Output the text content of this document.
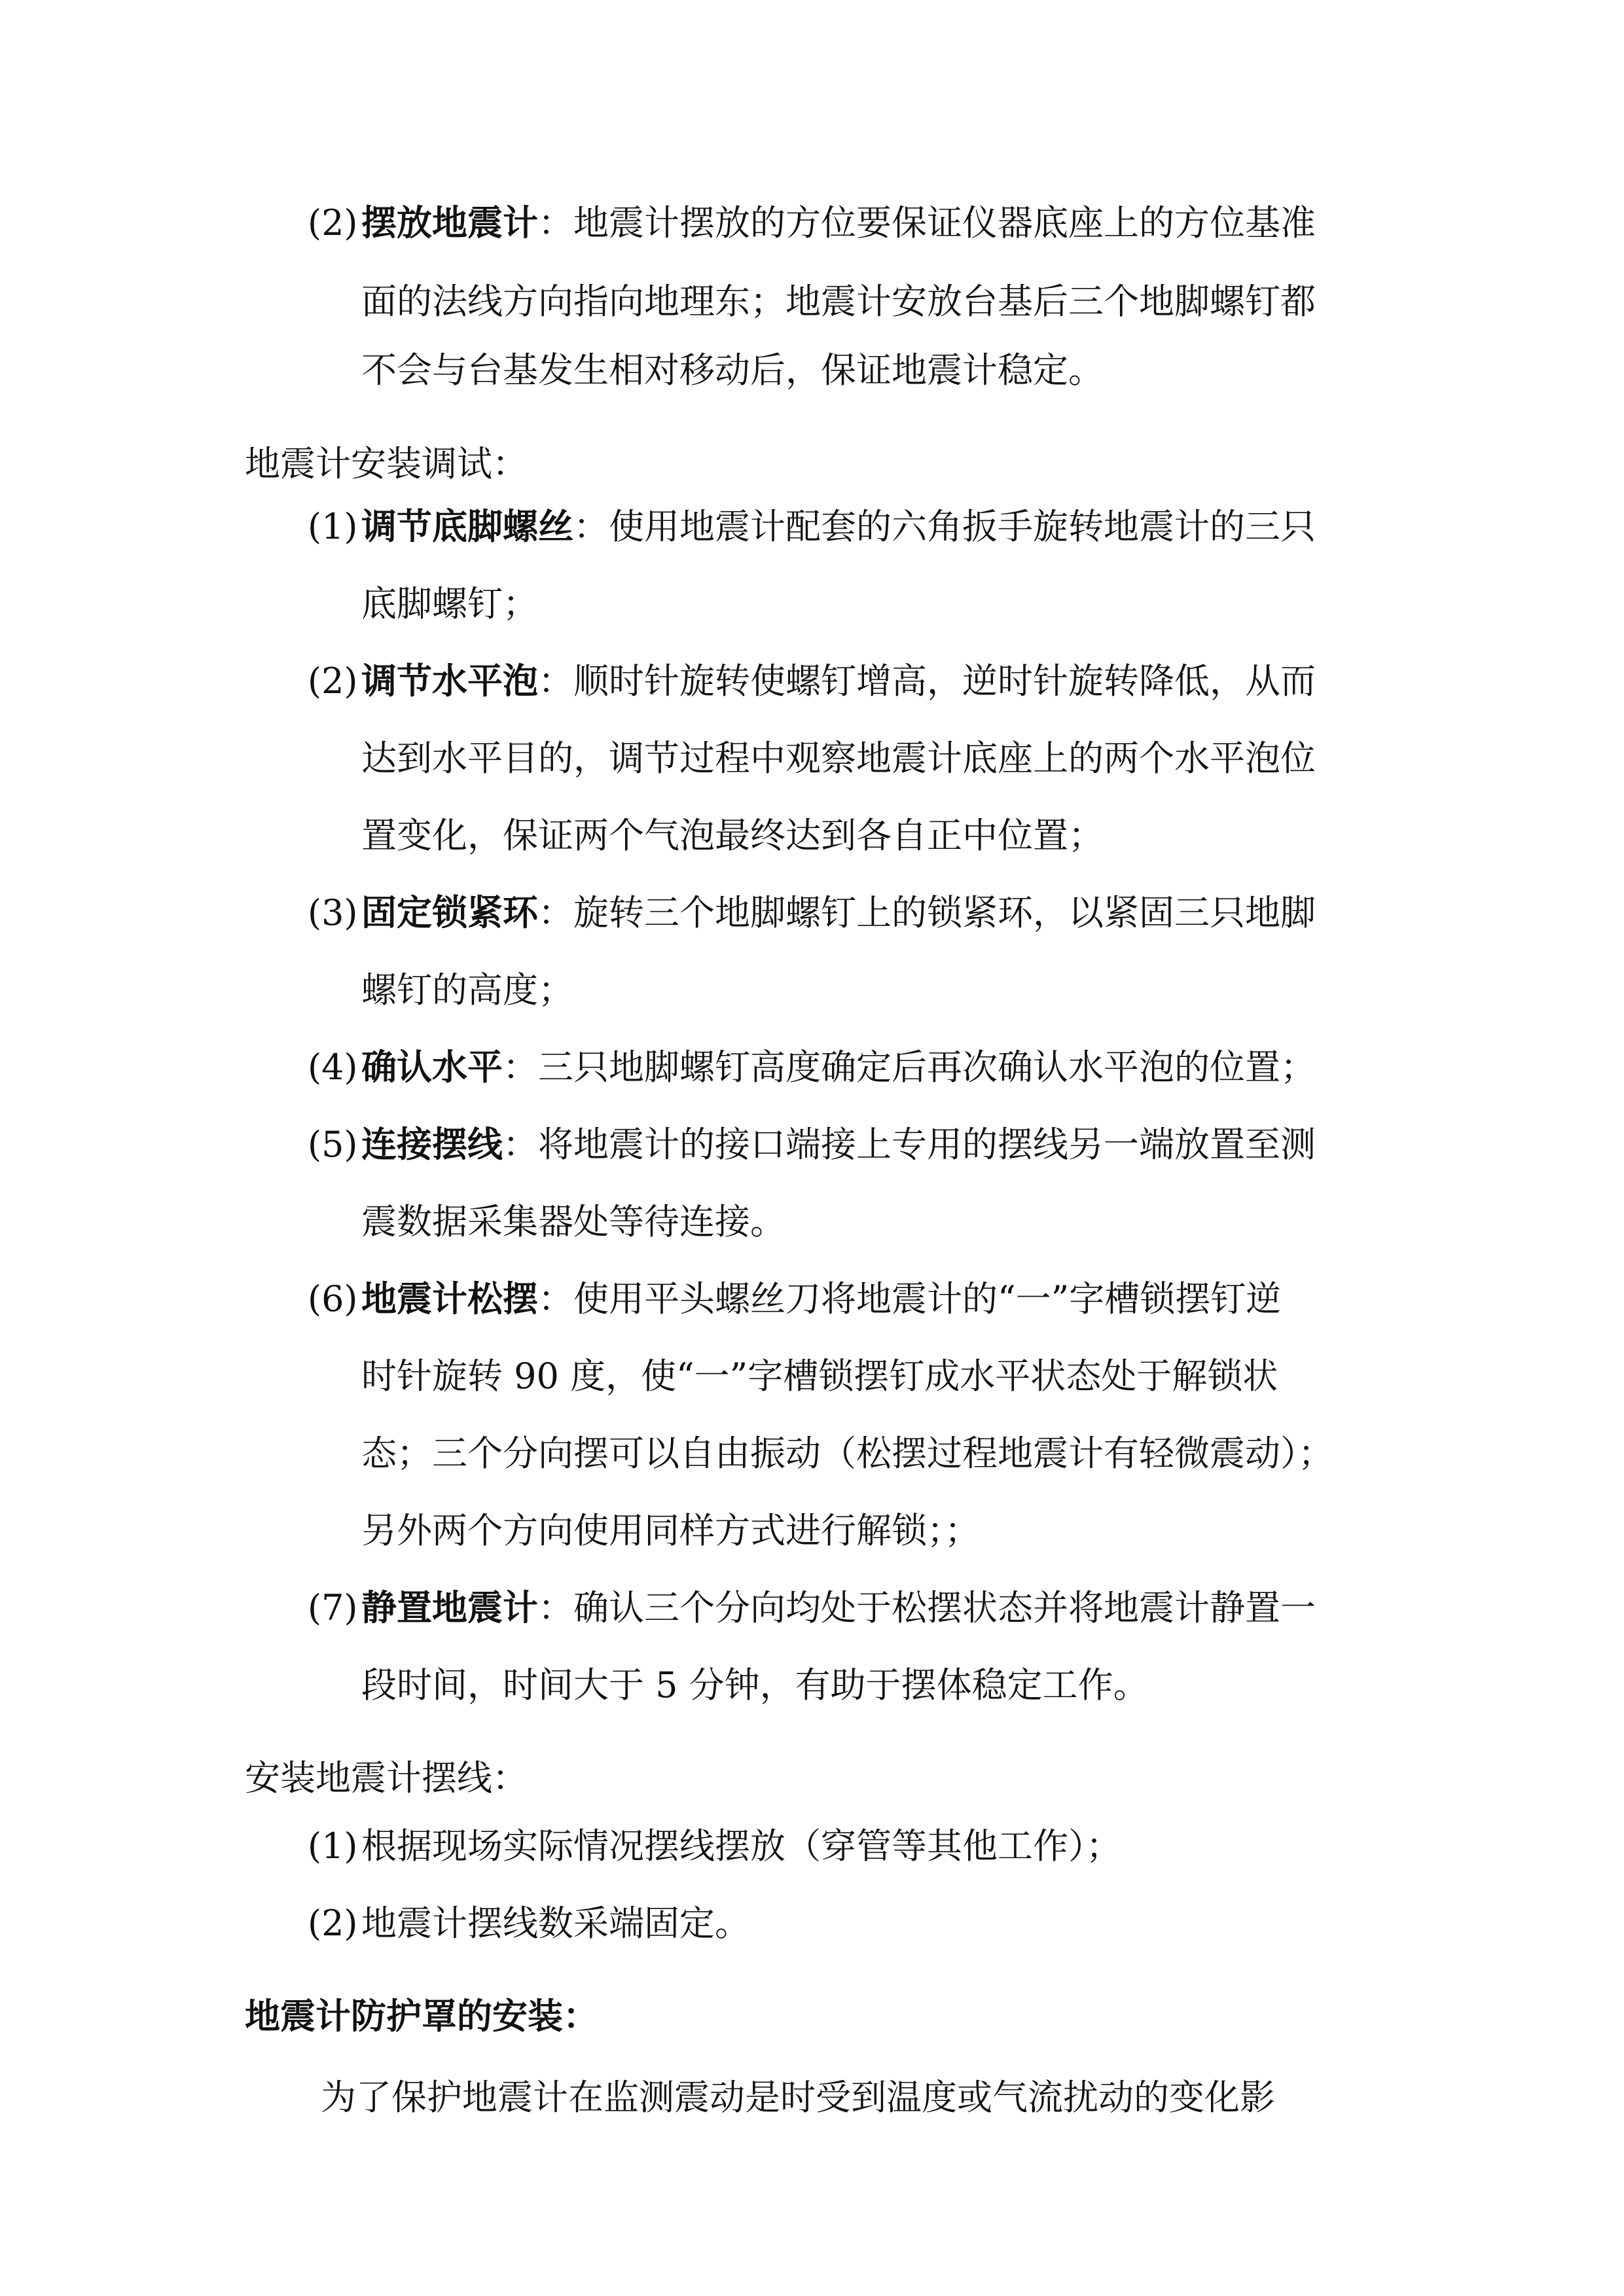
(2) 摆放地震计：地震计摆放的方位要保证仪器底座上的方位基准
面的法线方向指向地理东；地震计安放台基后三个地脚螺钉都
不会与台基发生相对移动后，保证地震计稳定。
地震计安装调试：
(1) 调节底脚螺丝：使用地震计配套的六角扳手旋转地震计的三只
底脚螺钉；
(2) 调节水平泡：顺时针旋转使螺钉增高，逆时针旋转降低，从而
达到水平目的，调节过程中观察地震计底座上的两个水平泡位
置变化，保证两个气泡最终达到各自正中位置；
(3) 固定锁紧环：旋转三个地脚螺钉上的锁紧环，以紧固三只地脚
螺钉的高度；
(4) 确认水平：三只地脚螺钉高度确定后再次确认水平泡的位置；
(5) 连接摆线：将地震计的接口端接上专用的摆线另一端放置至测
震数据采集器处等待连接。
(6) 地震计松摆：使用平头螺丝刀将地震计的“一”字槽锁摆钉逆
时针旋转 90 度，使“一”字槽锁摆钉成水平状态处于解锁状
态；三个分向摆可以自由振动（松摆过程地震计有轻微震动）；
另外两个方向使用同样方式进行解锁；；
(7) 静置地震计：确认三个分向均处于松摆状态并将地震计静置一
段时间，时间大于 5 分钟，有助于摆体稳定工作。
安装地震计摆线：
(1) 根据现场实际情况摆线摆放（穿管等其他工作）；
(2) 地震计摆线数采端固定。
地震计防护罩的安装：
为了保护地震计在监测震动是时受到温度或气流扰动的变化影
